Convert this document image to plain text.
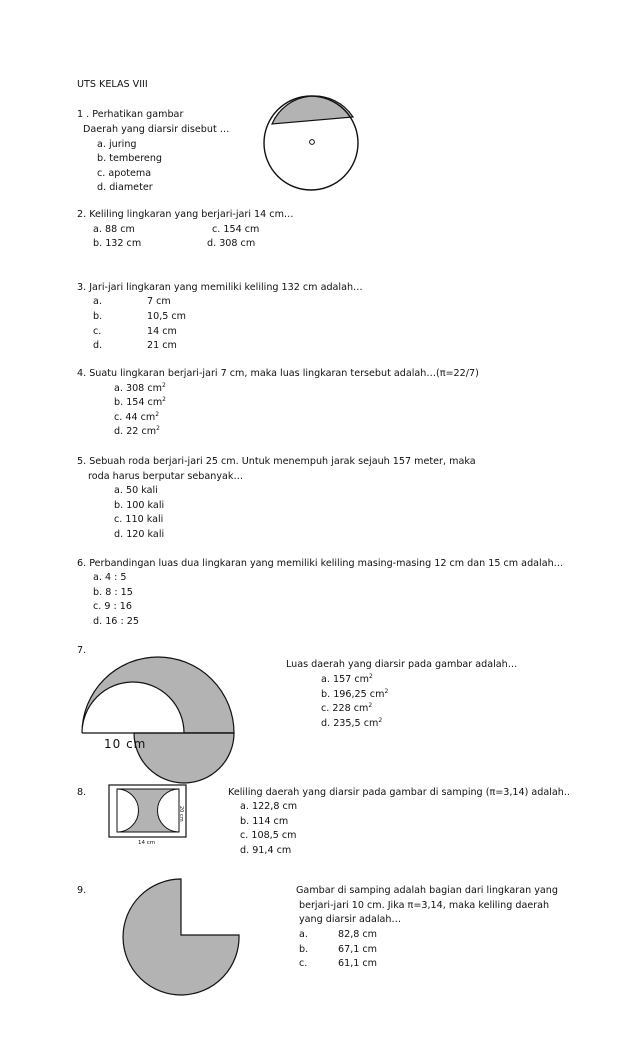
UTS KELAS VIII
1 . Perhatikan gambar
Daerah yang diarsir disebut …
a. juring
b. tembereng
c. apotema
d. diameter
2. Keliling lingkaran yang berjari-jari 14 cm…
a. 88 cm	c. 154 cm
b. 132 cm	d. 308 cm
3. Jari-jari lingkaran yang memiliki keliling 132 cm adalah…
a.	7 cm
b.	10,5 cm
c.	14 cm
d.	21 cm
4. Suatu lingkaran berjari-jari 7 cm, maka luas lingkaran tersebut adalah…(π=22/7)
a. 308 $cm^2$
b. 154 $cm^2$
c. 44 $cm^2$
d. 22 $cm^2$
5. Sebuah roda berjari-jari 25 cm. Untuk menempuh jarak sejauh 157 meter, maka
roda harus berputar sebanyak…
a. 50 kali
b. 100 kali
c. 110 kali
d. 120 kali
6. Perbandingan luas dua lingkaran yang memiliki keliling masing-masing 12 cm dan 15 cm adalah…
a. 4 : 5
b. 8 : 15
c. 9 : 16
d. 16 : 25
7.
Luas daerah yang diarsir pada gambar adalah…
a. 157 $cm^2$
b. 196,25 $cm^2$
c. 228 $cm^2$
d. 235,5 $cm^2$
10 cm
8.	Keliling daerah yang diarsir pada gambar di samping (π=3,14) adalah..
a. 122,8 cm
b. 114 cm
c. 108,5 cm
d. 91,4 cm
20 cm
14 cm
9.	Gambar di samping adalah bagian dari lingkaran yang
berjari-jari 10 cm. Jika π=3,14, maka keliling daerah
yang diarsir adalah…
a.	82,8 cm
b.	67,1 cm
c.	61,1 cm
